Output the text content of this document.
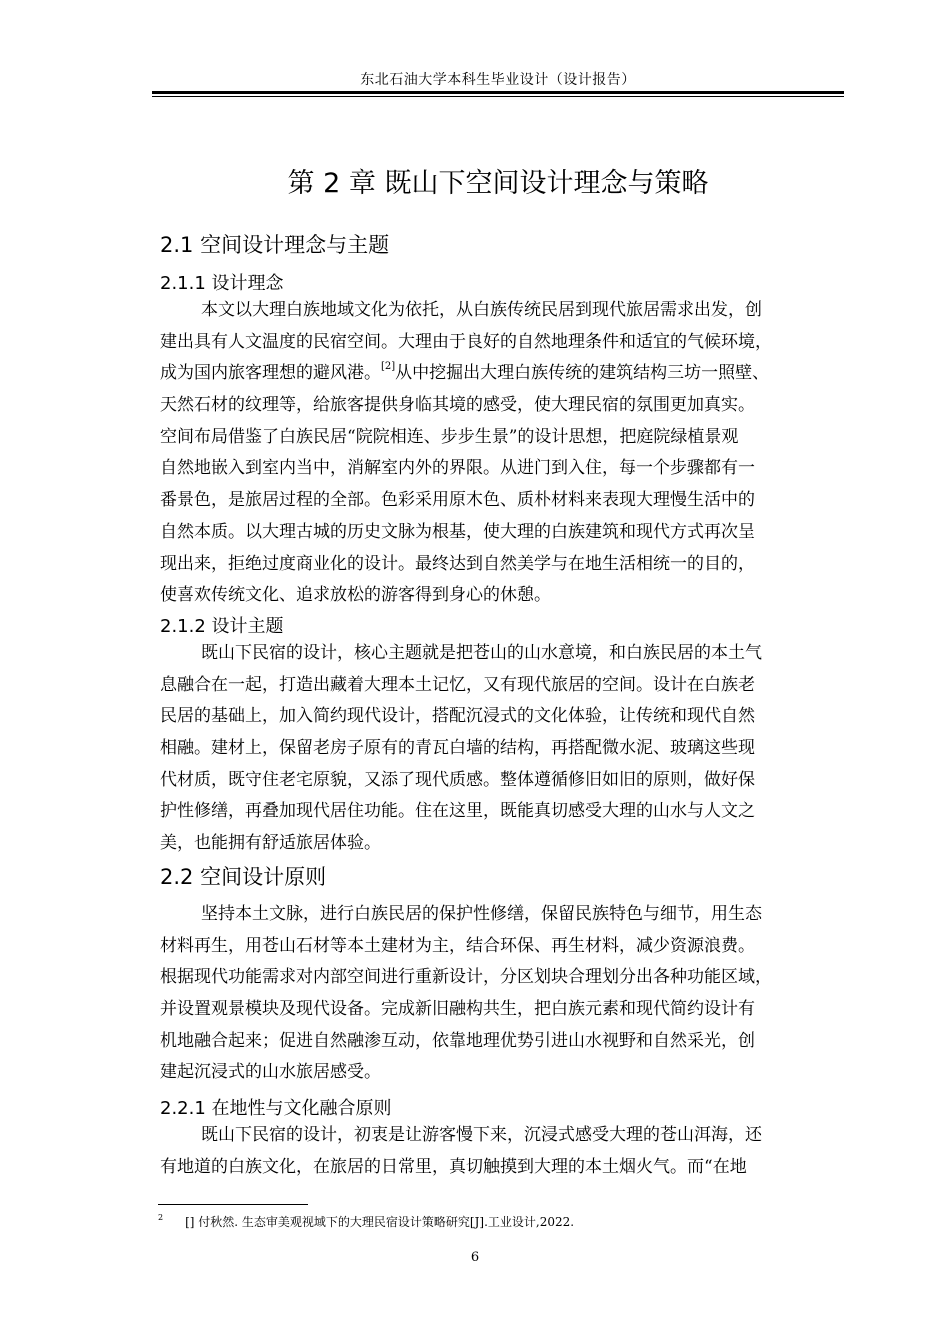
东北石油大学本科生毕业设计（设计报告）
第 2 章 既山下空间设计理念与策略
2.1 空间设计理念与主题
2.1.1 设计理念
本文以大理白族地域文化为依托，从白族传统民居到现代旅居需求出发，创
建出具有人文温度的民宿空间。大理由于良好的自然地理条件和适宜的气候环境，
成为国内旅客理想的避风港。[2]从中挖掘出大理白族传统的建筑结构三坊一照壁、
天然石材的纹理等，给旅客提供身临其境的感受，使大理民宿的氛围更加真实。
空间布局借鉴了白族民居“院院相连、步步生景”的设计思想，把庭院绿植景观
自然地嵌入到室内当中，消解室内外的界限。从进门到入住，每一个步骤都有一
番景色，是旅居过程的全部。色彩采用原木色、质朴材料来表现大理慢生活中的
自然本质。以大理古城的历史文脉为根基，使大理的白族建筑和现代方式再次呈
现出来，拒绝过度商业化的设计。最终达到自然美学与在地生活相统一的目的，
使喜欢传统文化、追求放松的游客得到身心的休憩。
2.1.2 设计主题
既山下民宿的设计，核心主题就是把苍山的山水意境，和白族民居的本土气
息融合在一起，打造出藏着大理本土记忆，又有现代旅居的空间。设计在白族老
民居的基础上，加入简约现代设计，搭配沉浸式的文化体验，让传统和现代自然
相融。建材上，保留老房子原有的青瓦白墙的结构，再搭配微水泥、玻璃这些现
代材质，既守住老宅原貌，又添了现代质感。整体遵循修旧如旧的原则，做好保
护性修缮，再叠加现代居住功能。住在这里，既能真切感受大理的山水与人文之
美，也能拥有舒适旅居体验。
2.2 空间设计原则
坚持本土文脉，进行白族民居的保护性修缮，保留民族特色与细节，用生态
材料再生，用苍山石材等本土建材为主，结合环保、再生材料，减少资源浪费。
根据现代功能需求对内部空间进行重新设计，分区划块合理划分出各种功能区域，
并设置观景模块及现代设备。完成新旧融构共生，把白族元素和现代简约设计有
机地融合起来；促进自然融渗互动，依靠地理优势引进山水视野和自然采光，创
建起沉浸式的山水旅居感受。
2.2.1 在地性与文化融合原则
既山下民宿的设计，初衷是让游客慢下来，沉浸式感受大理的苍山洱海，还
有地道的白族文化，在旅居的日常里，真切触摸到大理的本土烟火气。而“在地
$^2$ [] 付秋然. 生态审美观视域下的大理民宿设计策略研究[J].工业设计,2022.
6
